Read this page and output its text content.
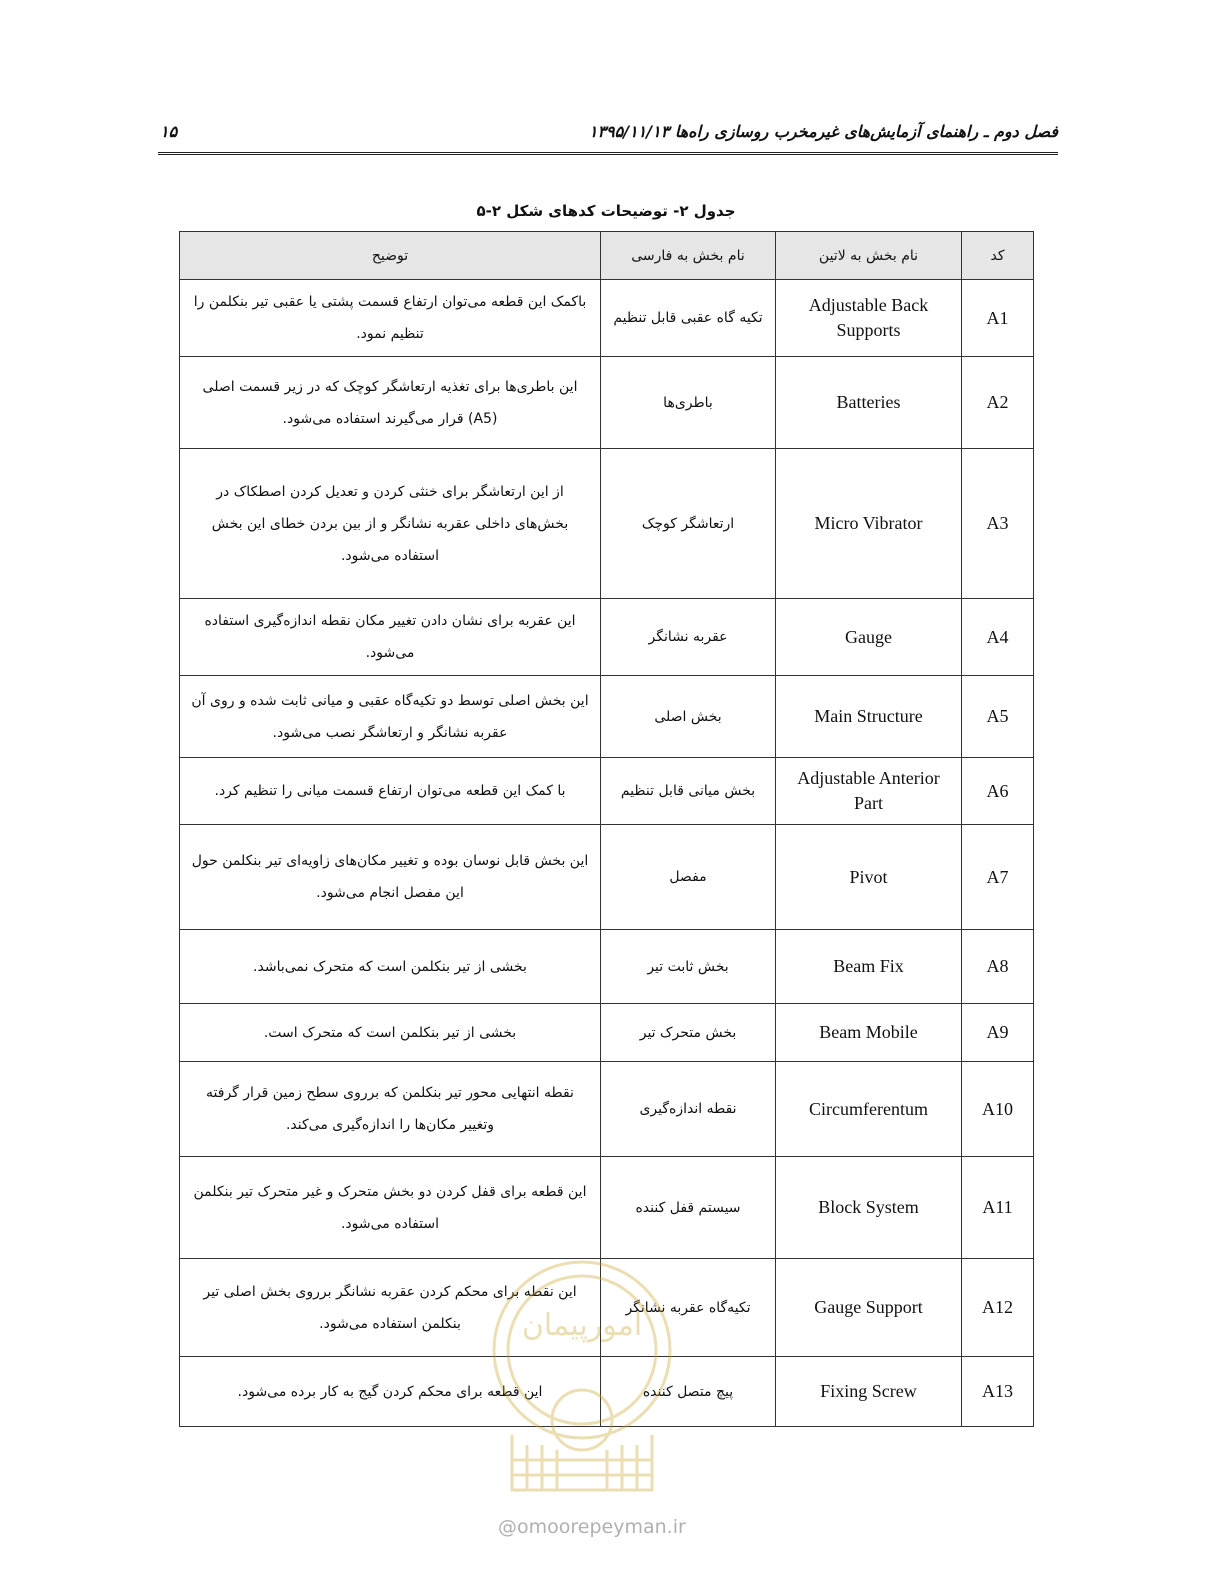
فصل دوم ـ راهنمای آزمایش‌های غیرمخرب روسازی راه‌ها ۱۳۹۵/۱۱/۱۳
۱۵
جدول ۲- توضیحات کدهای شکل ۲-۵
توضیح	نام بخش به فارسی	نام بخش به لاتین	کد
باکمک این قطعه می‌توان ارتفاع قسمت پشتی یا عقبی تیر بنکلمن را تنظیم نمود.	تکیه گاه عقبی قابل تنظیم	Adjustable Back Supports	A1
این باطری‌ها برای تغذیه ارتعاشگر کوچک که در زیر قسمت اصلی (A5) قرار می‌گیرند استفاده می‌شود.	باطری‌ها	Batteries	A2
از این ارتعاشگر برای خنثی کردن و تعدیل کردن اصطکاک در بخش‌های داخلی عقربه نشانگر و از بین بردن خطای این بخش استفاده می‌شود.	ارتعاشگر کوچک	Micro Vibrator	A3
این عقربه برای نشان دادن تغییر مکان نقطه اندازه‌گیری استفاده می‌شود.	عقربه نشانگر	Gauge	A4
این بخش اصلی توسط دو تکیه‌گاه عقبی و میانی ثابت شده و روی آن عقربه نشانگر و ارتعاشگر نصب می‌شود.	بخش اصلی	Main Structure	A5
با کمک این قطعه می‌توان ارتفاع قسمت میانی را تنظیم کرد.	بخش میانی قابل تنظیم	Adjustable Anterior Part	A6
این بخش قابل نوسان بوده و تغییر مکان‌های زاویه‌ای تیر بنکلمن حول این مفصل انجام می‌شود.	مفصل	Pivot	A7
بخشی از تیر بنکلمن است که متحرک نمی‌باشد.	بخش ثابت تیر	Beam Fix	A8
بخشی از تیر بنکلمن است که متحرک است.	بخش متحرک تیر	Beam Mobile	A9
نقطه انتهایی محور تیر بنکلمن که برروی سطح زمین قرار گرفته وتغییر مکان‌ها را اندازه‌گیری می‌کند.	نقطه اندازه‌گیری	Circumferentum	A10
این قطعه برای قفل کردن دو بخش متحرک و غیر متحرک تیر بنکلمن استفاده می‌شود.	سیستم قفل کننده	Block System	A11
این نقطه برای محکم کردن عقربه نشانگر برروی بخش اصلی تیر بنکلمن استفاده می‌شود.	تکیه‌گاه عقربه نشانگر	Gauge Support	A12
این قطعه برای محکم کردن گیج به کار برده می‌شود.	پیچ متصل کننده	Fixing Screw	A13
امورپیمان
@omoorepeyman.ir
